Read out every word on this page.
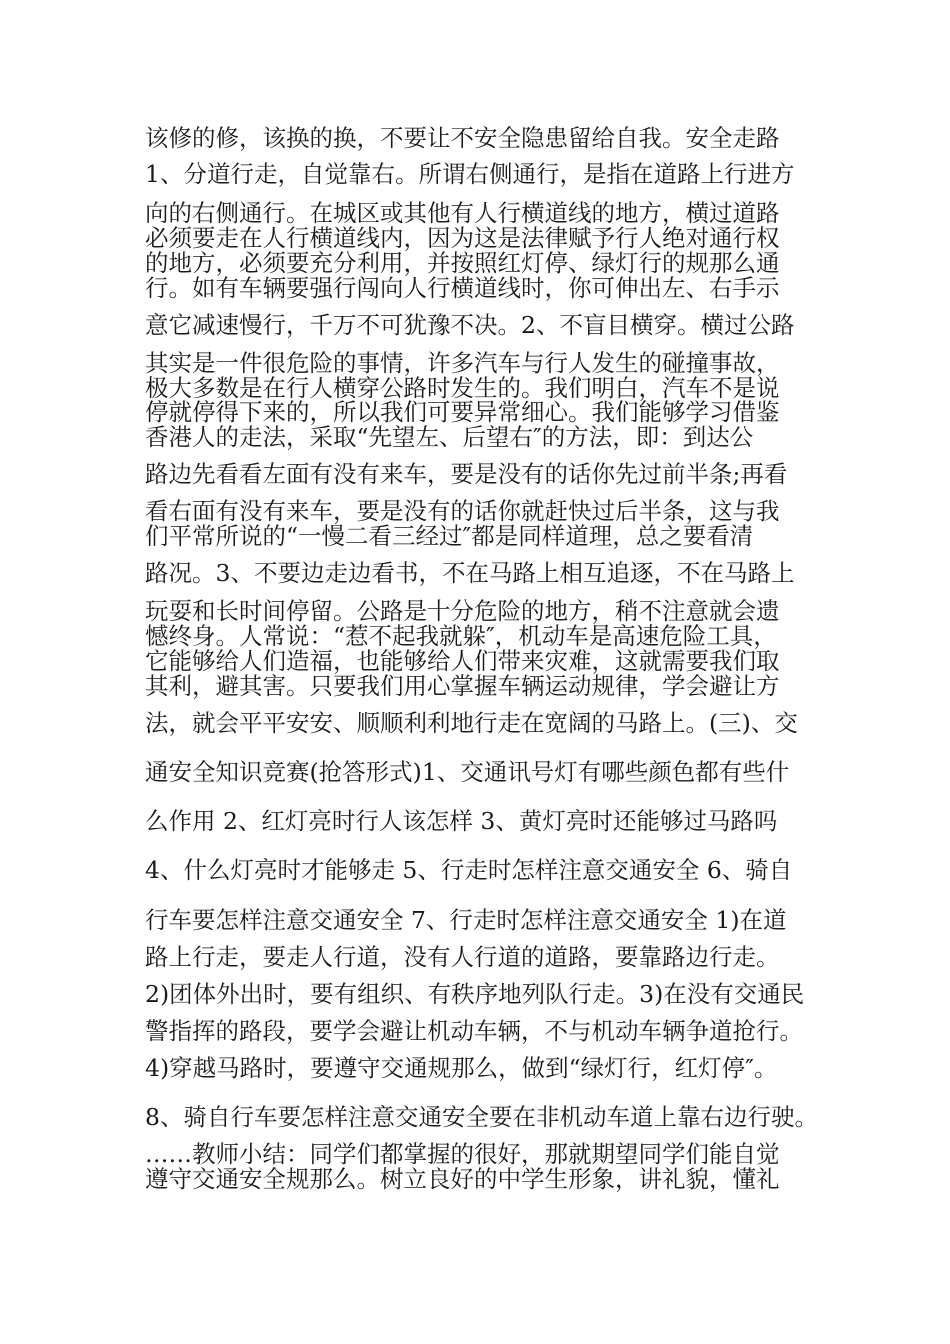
该修的修，该换的换，不要让不安全隐患留给自我。安全走路
1、分道行走，自觉靠右。所谓右侧通行，是指在道路上行进方
向的右侧通行。在城区或其他有人行横道线的地方，横过道路
必须要走在人行横道线内，因为这是法律赋予行人绝对通行权
的地方，必须要充分利用，并按照红灯停、绿灯行的规那么通
行。如有车辆要强行闯向人行横道线时，你可伸出左、右手示
意它减速慢行，千万不可犹豫不决。2、不盲目横穿。横过公路
其实是一件很危险的事情，许多汽车与行人发生的碰撞事故，
极大多数是在行人横穿公路时发生的。我们明白，汽车不是说
停就停得下来的，所以我们可要异常细心。我们能够学习借鉴
香港人的走法，采取“先望左、后望右″的方法，即：到达公
路边先看看左面有没有来车，要是没有的话你先过前半条;再看
看右面有没有来车，要是没有的话你就赶快过后半条，这与我
们平常所说的“一慢二看三经过″都是同样道理，总之要看清
路况。3、不要边走边看书，不在马路上相互追逐，不在马路上
玩耍和长时间停留。公路是十分危险的地方，稍不注意就会遗
憾终身。人常说：“惹不起我就躲″，机动车是高速危险工具，
它能够给人们造福，也能够给人们带来灾难，这就需要我们取
其利，避其害。只要我们用心掌握车辆运动规律，学会避让方
法，就会平平安安、顺顺利利地行走在宽阔的马路上。(三)、交
通安全知识竞赛(抢答形式)1、交通讯号灯有哪些颜色都有些什
么作用 2、红灯亮时行人该怎样 3、黄灯亮时还能够过马路吗
4、什么灯亮时才能够走 5、行走时怎样注意交通安全 6、骑自
行车要怎样注意交通安全 7、行走时怎样注意交通安全 1)在道
路上行走，要走人行道，没有人行道的道路，要靠路边行走。
2)团体外出时，要有组织、有秩序地列队行走。3)在没有交通民
警指挥的路段，要学会避让机动车辆，不与机动车辆争道抢行。
4)穿越马路时，要遵守交通规那么，做到“绿灯行，红灯停″。
8、骑自行车要怎样注意交通安全要在非机动车道上靠右边行驶。
……教师小结：同学们都掌握的很好，那就期望同学们能自觉
遵守交通安全规那么。树立良好的中学生形象，讲礼貌，懂礼
